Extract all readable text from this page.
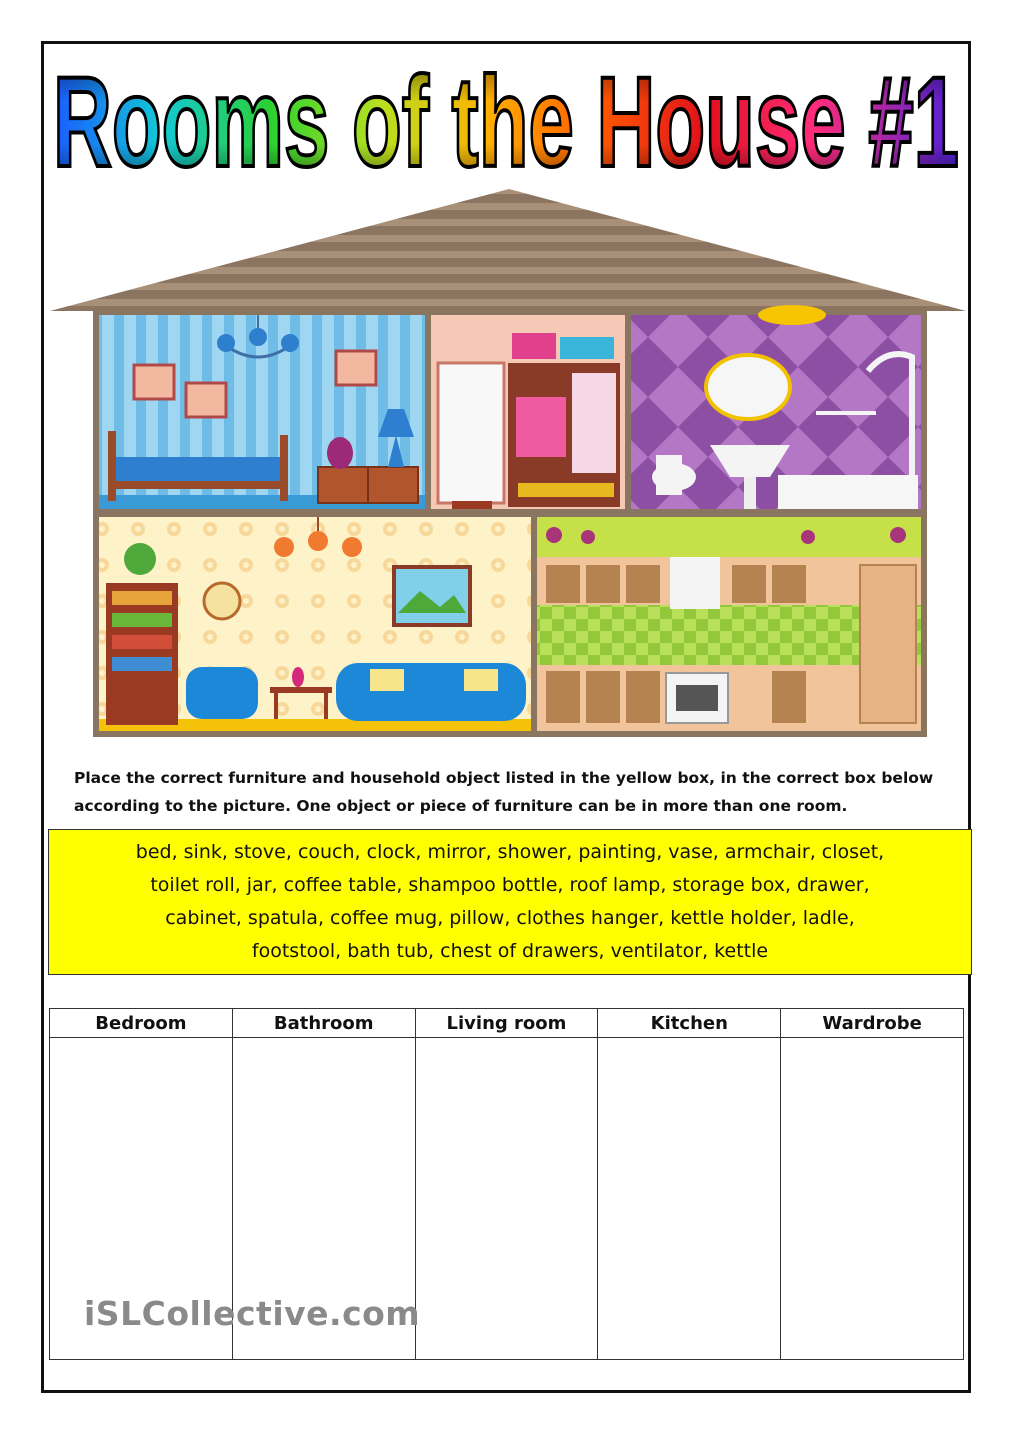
Rooms of the House #1
Rooms of the House #1
Place the correct furniture and household object listed in the yellow box, in the correct box below according to the picture. One object or piece of furniture can be in more than one room.
bed, sink, stove, couch, clock, mirror, shower, painting, vase, armchair, closet,
toilet roll, jar, coffee table, shampoo bottle, roof lamp, storage box, drawer,
cabinet, spatula, coffee mug, pillow, clothes hanger, kettle holder, ladle,
footstool, bath tub, chest of drawers, ventilator, kettle
Bedroom	Bathroom	Living room	Kitchen	Wardrobe

iSLCollective.com
